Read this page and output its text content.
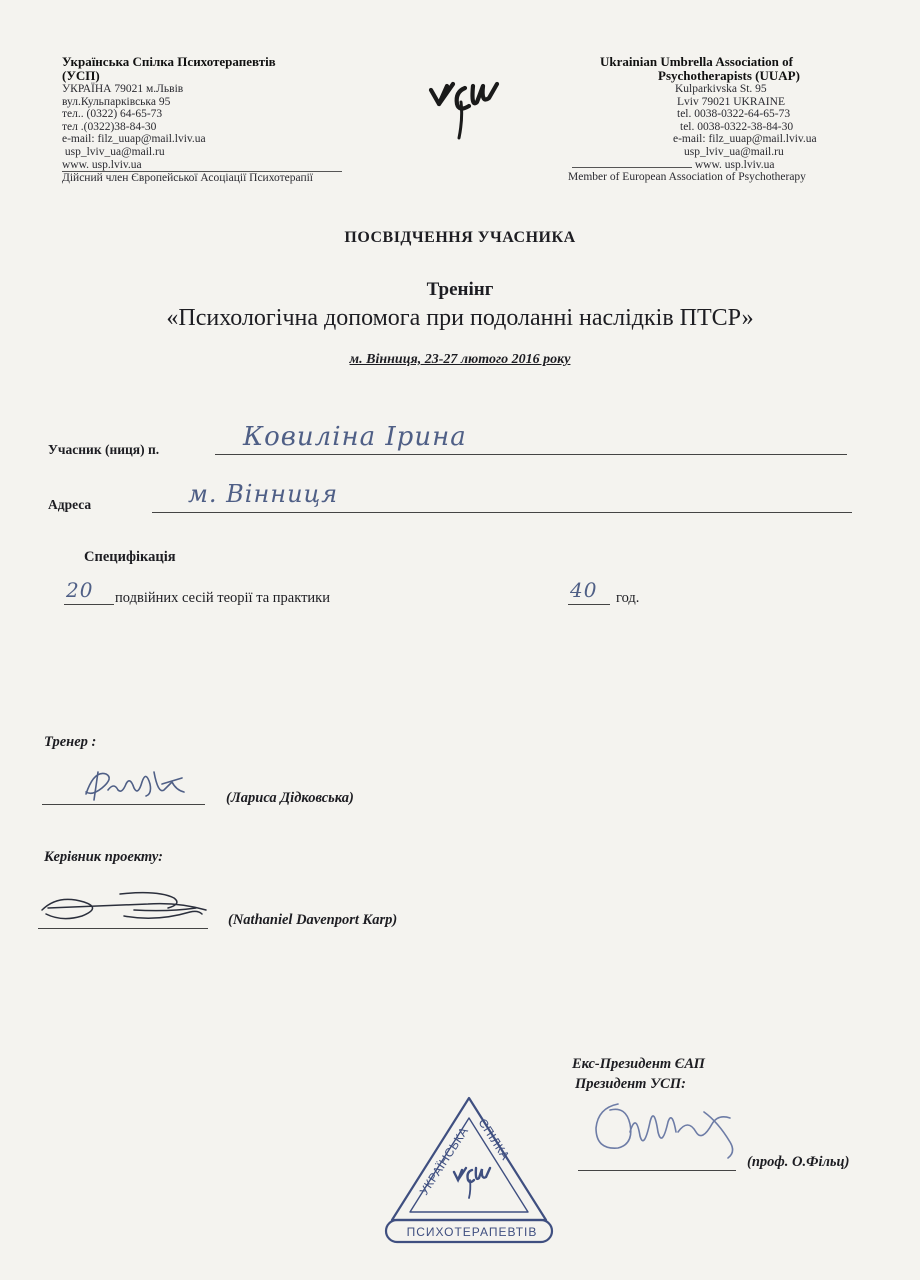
Українська Спілка Психотерапевтів
(УСП)
УКРАЇНА 79021 м.Львів
вул.Кульпарківська 95
тел.. (0322) 64-65-73
тел .(0322)38-84-30
e-mail: filz_uuap@mail.lviv.ua
usp_lviv_ua@mail.ru
www. usp.lviv.ua
Дійсний член Європейської Асоціації Психотерапії
Ukrainian Umbrella Association of
Psychotherapists (UUAP)
Kulparkivska St. 95
Lviv 79021 UKRAINE
tel. 0038-0322-64-65-73
tel. 0038-0322-38-84-30
e-mail: filz_uuap@mail.lviv.ua
usp_lviv_ua@mail.ru
www. usp.lviv.ua
Member of European Association of Psychotherapy
ПОСВІДЧЕННЯ УЧАСНИКА
Тренінг
«Психологічна допомога при подоланні наслідків ПТСР»
м. Вінниця, 23-27 лютого 2016 року
Учасник (ниця) п.	Ковиліна Ірина
Адреса	м. Вінниця
Специфікація
20 подвійних сесій теорії та практики	40 год.
Тренер :
(Лариса Дідковська)
Керівник проекту:
(Nathaniel Davenport Karp)
Екс-Президент ЄАП
Президент УСП:
(проф. О.Фільц)
ПСИХОТЕРАПЕВТІВ
УКРАЇНСЬКА СПІЛКА
